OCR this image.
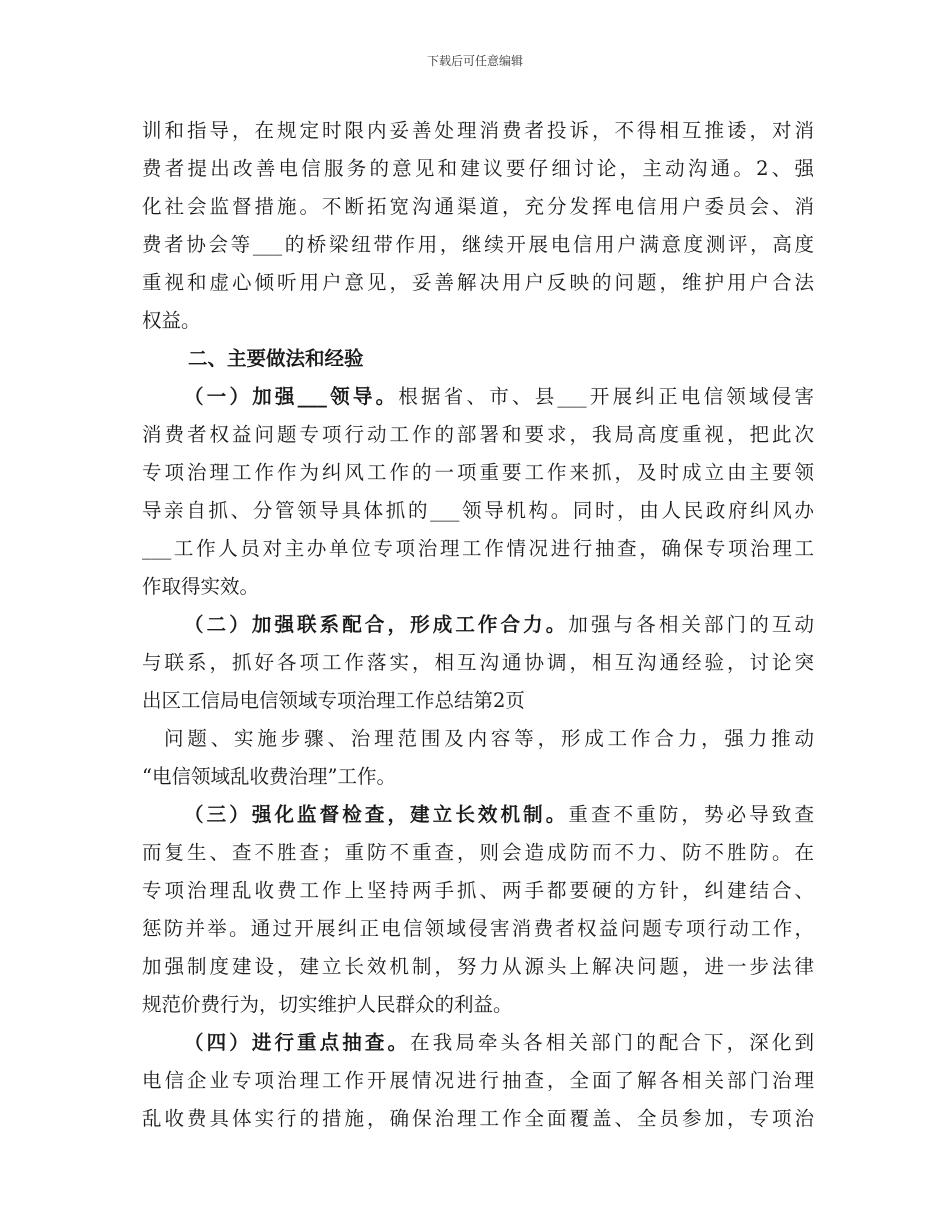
下载后可任意编辑
训和指导，在规定时限内妥善处理消费者投诉，不得相互推诿，对消
费者提出改善电信服务的意见和建议要仔细讨论，主动沟通。2、强
化社会监督措施。不断拓宽沟通渠道，充分发挥电信用户委员会、消
费者协会等___的桥梁纽带作用，继续开展电信用户满意度测评，高度
重视和虚心倾听用户意见，妥善解决用户反映的问题，维护用户合法
权益。
二、主要做法和经验
（一）加强___领导。根据省、市、县___开展纠正电信领域侵害
消费者权益问题专项行动工作的部署和要求，我局高度重视，把此次
专项治理工作作为纠风工作的一项重要工作来抓，及时成立由主要领
导亲自抓、分管领导具体抓的___领导机构。同时，由人民政府纠风办
___工作人员对主办单位专项治理工作情况进行抽查，确保专项治理工
作取得实效。
（二）加强联系配合，形成工作合力。加强与各相关部门的互动
与联系，抓好各项工作落实，相互沟通协调，相互沟通经验，讨论突
出区工信局电信领域专项治理工作总结第2页
问题、实施步骤、治理范围及内容等，形成工作合力，强力推动
“电信领域乱收费治理”工作。
（三）强化监督检查，建立长效机制。重查不重防，势必导致查
而复生、查不胜查；重防不重查，则会造成防而不力、防不胜防。在
专项治理乱收费工作上坚持两手抓、两手都要硬的方针，纠建结合、
惩防并举。通过开展纠正电信领域侵害消费者权益问题专项行动工作，
加强制度建设，建立长效机制，努力从源头上解决问题，进一步法律
规范价费行为，切实维护人民群众的利益。
（四）进行重点抽查。在我局牵头各相关部门的配合下，深化到
电信企业专项治理工作开展情况进行抽查，全面了解各相关部门治理
乱收费具体实行的措施，确保治理工作全面覆盖、全员参加，专项治
